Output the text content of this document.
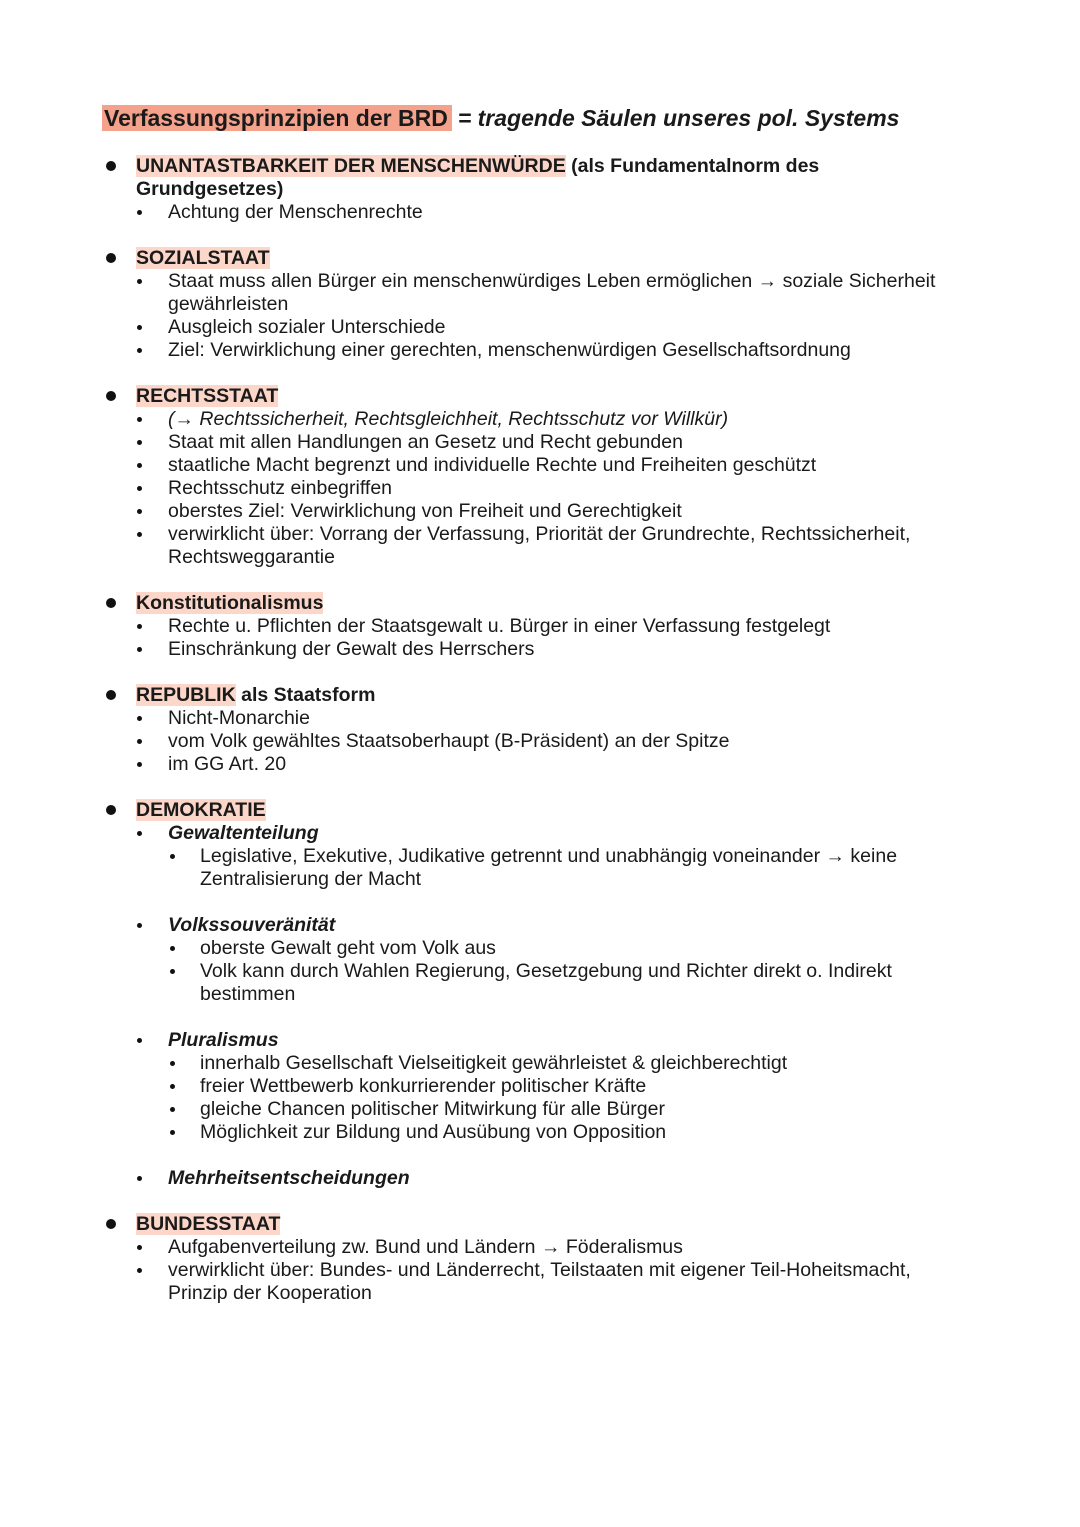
Verfassungsprinzipien der BRD = tragende Säulen unseres pol. Systems
UNANTASTBARKEIT DER MENSCHENWÜRDE (als Fundamentalnorm des Grundgesetzes)
Achtung der Menschenrechte
SOZIALSTAAT
Staat muss allen Bürger ein menschenwürdiges Leben ermöglichen → soziale Sicherheit gewährleisten
Ausgleich sozialer Unterschiede
Ziel: Verwirklichung einer gerechten, menschenwürdigen Gesellschaftsordnung
RECHTSSTAAT
(→ Rechtssicherheit, Rechtsgleichheit, Rechtsschutz vor Willkür)
Staat mit allen Handlungen an Gesetz und Recht gebunden
staatliche Macht begrenzt und individuelle Rechte und Freiheiten geschützt
Rechtsschutz einbegriffen
oberstes Ziel: Verwirklichung von Freiheit und Gerechtigkeit
verwirklicht über: Vorrang der Verfassung, Priorität der Grundrechte, Rechtssicherheit, Rechtsweggarantie
Konstitutionalismus
Rechte u. Pflichten der Staatsgewalt u. Bürger in einer Verfassung festgelegt
Einschränkung der Gewalt des Herrschers
REPUBLIK als Staatsform
Nicht-Monarchie
vom Volk gewähltes Staatsoberhaupt (B-Präsident) an der Spitze
im GG Art. 20
DEMOKRATIE
Gewaltenteilung
Legislative, Exekutive, Judikative getrennt und unabhängig voneinander → keine Zentralisierung der Macht
Volkssouveränität
oberste Gewalt geht vom Volk aus
Volk kann durch Wahlen Regierung, Gesetzgebung und Richter direkt o. Indirekt bestimmen
Pluralismus
innerhalb Gesellschaft Vielseitigkeit gewährleistet & gleichberechtigt
freier Wettbewerb konkurrierender politischer Kräfte
gleiche Chancen politischer Mitwirkung für alle Bürger
Möglichkeit zur Bildung und Ausübung von Opposition
Mehrheitsentscheidungen
BUNDESSTAAT
Aufgabenverteilung zw. Bund und Ländern → Föderalismus
verwirklicht über: Bundes- und Länderrecht, Teilstaaten mit eigener Teil-Hoheitsmacht, Prinzip der Kooperation
